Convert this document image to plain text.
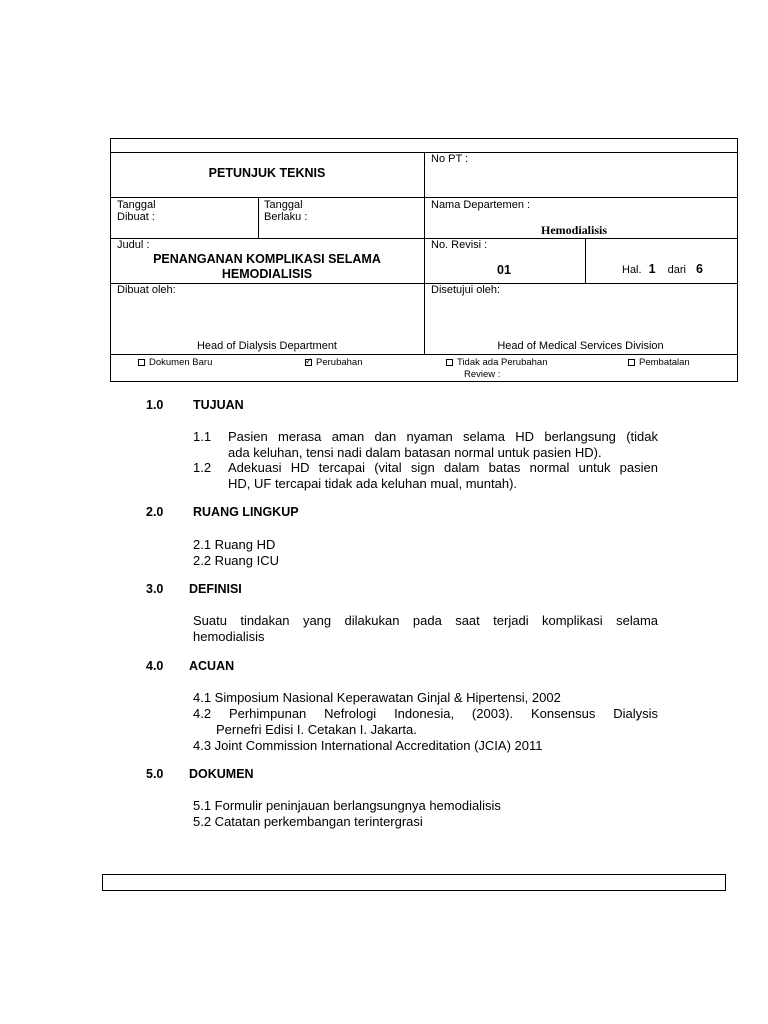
PETUNJUK TEKNIS
No PT :
Tanggal
Dibuat :
Tanggal
Berlaku :
Nama Departemen :
Hemodialisis
Judul :
PENANGANAN KOMPLIKASI SELAMA
HEMODIALISIS
No. Revisi :
01	Hal. 1 dari 6
Dibuat oleh:
Head of Dialysis Department
Disetujui oleh:
Head of Medical Services Division
Dokumen Baru
✓	Perubahan	Tidak ada Perubahan
Review :
Pembatalan
1.0 TUJUAN
1.1 Pasien merasa aman dan nyaman selama HD berlangsung (tidak
ada keluhan, tensi nadi dalam batasan normal untuk pasien HD).
1.2 Adekuasi HD tercapai (vital sign dalam batas normal untuk pasien
HD, UF tercapai tidak ada keluhan mual, muntah).
2.0 RUANG LINGKUP
2.1 Ruang HD
2.2 Ruang ICU
3.0 DEFINISI
Suatu tindakan yang dilakukan pada saat terjadi komplikasi selama
hemodialisis
4.0 ACUAN
4.1 Simposium Nasional Keperawatan Ginjal & Hipertensi, 2002
4.2 Perhimpunan Nefrologi Indonesia, (2003). Konsensus Dialysis
Pernefri Edisi I. Cetakan I. Jakarta.
4.3 Joint Commission International Accreditation (JCIA) 2011
5.0 DOKUMEN
5.1 Formulir peninjauan berlangsungnya hemodialisis
5.2 Catatan perkembangan terintergrasi
